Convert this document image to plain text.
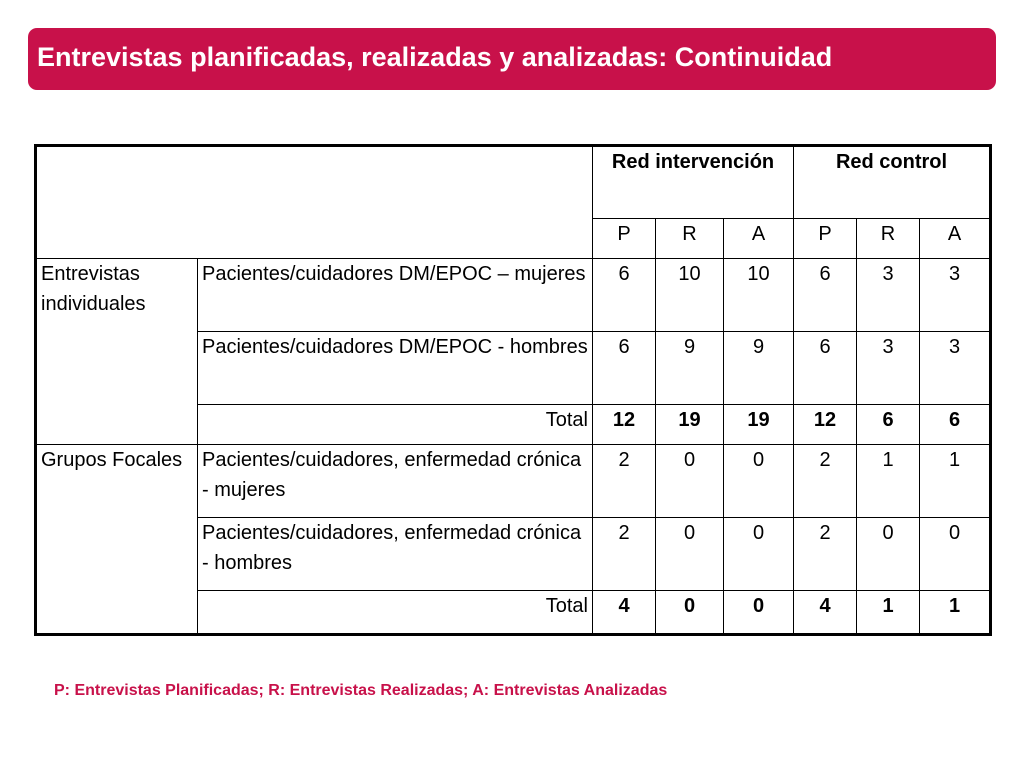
Entrevistas planificadas, realizadas y analizadas: Continuidad
		Red intervención			Red control		
		P	R	A	P	R	A
Entrevistas individuales	Pacientes/cuidadores DM/EPOC – mujeres	6	10	10	6	3	3
	Pacientes/cuidadores DM/EPOC - hombres	6	9	9	6	3	3
	Total	12	19	19	12	6	6
Grupos Focales	Pacientes/cuidadores, enfermedad crónica - mujeres	2	0	0	2	1	1
	Pacientes/cuidadores, enfermedad crónica - hombres	2	0	0	2	0	0
	Total	4	0	0	4	1	1
P: Entrevistas Planificadas; R: Entrevistas Realizadas; A: Entrevistas Analizadas
